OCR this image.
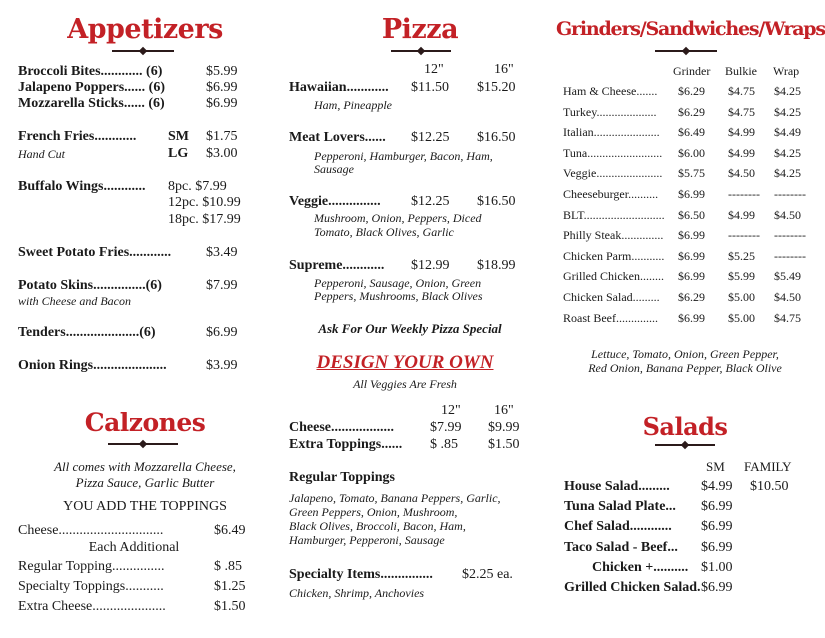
Appetizers
Broccoli Bites............ (6)	$5.99
Jalapeno Poppers...... (6)	$6.99
Mozzarella Sticks...... (6)	$6.99
French Fries............ SM $1.75
Hand Cut	LG $3.00
Buffalo Wings............ 8pc. $7.99
12pc. $10.99
18pc. $17.99
Sweet Potato Fries............ $3.49
Potato Skins...............(6)	$7.99
with Cheese and Bacon
Tenders.....................(6)	$6.99
Onion Rings.....................	$3.99
Calzones
All comes with Mozzarella Cheese,
Pizza Sauce, Garlic Butter
YOU ADD THE TOPPINGS
Cheese..............................	$6.49
Each Additional
Regular Topping...............	$ .85
Specialty Toppings...........	$1.25
Extra Cheese.....................	$1.50
Pizza
12"	16"
Hawaiian............ $11.50 $15.20
Ham, Pineapple
Meat Lovers...... $12.25 $16.50
Pepperoni, Hamburger, Bacon, Ham,
Sausage
Veggie............... $12.25 $16.50
Mushroom, Onion, Peppers, Diced
Tomato, Black Olives, Garlic
Supreme............ $12.99 $18.99
Pepperoni, Sausage, Onion, Green
Peppers, Mushrooms, Black Olives
Ask For Our Weekly Pizza Special
DESIGN YOUR OWN
All Veggies Are Fresh
12" 16"
Cheese..................	$7.99 $9.99
Extra Toppings...... $ .85 $1.50
Regular Toppings
Jalapeno, Tomato, Banana Peppers, Garlic,
Green Peppers, Onion, Mushroom,
Black Olives, Broccoli, Bacon, Ham,
Hamburger, Pepperoni, Sausage
Specialty Items............... $2.25 ea.
Chicken, Shrimp, Anchovies
Grinders/Sandwiches/Wraps
Grinder Bulkie Wrap
Ham & Cheese....... $6.29 $4.75 $4.25
Turkey.................... $6.29 $4.75 $4.25
Italian...................... $6.49 $4.99 $4.49
Tuna......................... $6.00 $4.99 $4.25
Veggie...................... $5.75 $4.50 $4.25
Cheeseburger.......... $6.99 -------- --------
BLT........................... $6.50 $4.99 $4.50
Philly Steak.............. $6.99 -------- --------
Chicken Parm........... $6.99 $5.25 --------
Grilled Chicken........ $6.99 $5.99 $5.49
Chicken Salad......... $6.29 $5.00 $4.50
Roast Beef.............. $6.99 $5.00 $4.75
Lettuce, Tomato, Onion, Green Pepper,
Red Onion, Banana Pepper, Black Olive
Salads
SM FAMILY
House Salad......... $4.99 $10.50
Tuna Salad Plate... $6.99
Chef Salad............ $6.99
Taco Salad - Beef... $6.99
Chicken +.......... $1.00
Grilled Chicken Salad. $6.99
